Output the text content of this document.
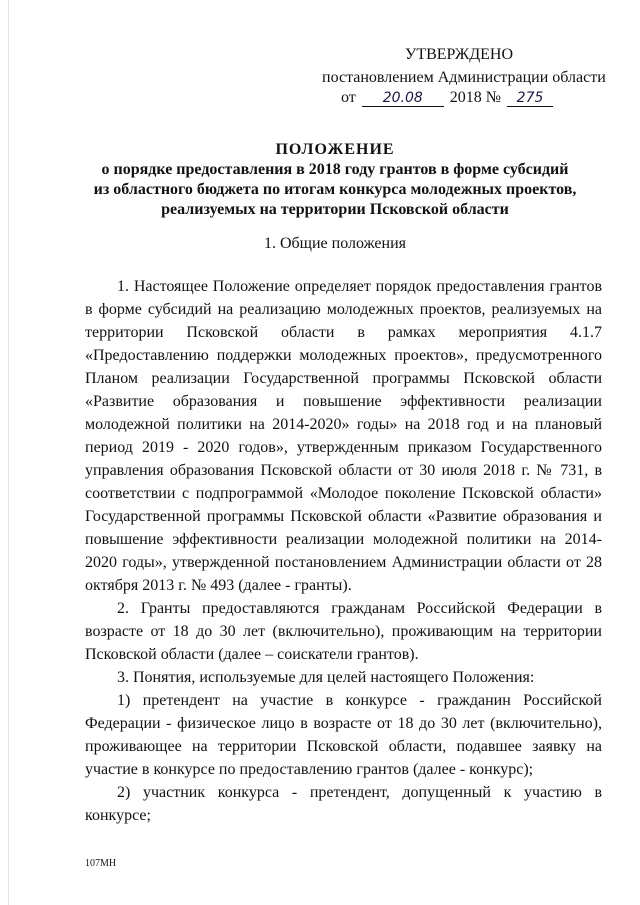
УТВЕРЖДЕНО
постановлением Администрации области
от 20.08 2018 № 275
ПОЛОЖЕНИЕ
о порядке предоставления в 2018 году грантов в форме субсидий
из областного бюджета по итогам конкурса молодежных проектов,
реализуемых на территории Псковской области
1. Общие положения

1. Настоящее Положение определяет порядок предоставления грантов в форме субсидий на реализацию молодежных проектов, реализуемых на территории Псковской области в рамках мероприятия 4.1.7 «Предоставлению поддержки молодежных проектов», предусмотренного Планом реализации Государственной программы Псковской области «Развитие образования и повышение эффективности реализации молодежной политики на 2014-2020» годы» на 2018 год и на плановый период 2019 - 2020 годов», утвержденным приказом Государственного управления образования Псковской области от 30 июля 2018 г. № 731, в соответствии с подпрограммой «Молодое поколение Псковской области» Государственной программы Псковской области «Развитие образования и повышение эффективности реализации молодежной политики на 2014-2020 годы», утвержденной постановлением Администрации области от 28 октября 2013 г. № 493 (далее - гранты).

2. Гранты предоставляются гражданам Российской Федерации в возрасте от 18 до 30 лет (включительно), проживающим на территории Псковской области (далее – соискатели грантов).

3. Понятия, используемые для целей настоящего Положения:

1) претендент на участие в конкурсе - гражданин Российской Федерации - физическое лицо в возрасте от 18 до 30 лет (включительно), проживающее на территории Псковской области, подавшее заявку на участие в конкурсе по предоставлению грантов (далее - конкурс);

2) участник конкурса - претендент, допущенный к участию в конкурсе;

107МН
